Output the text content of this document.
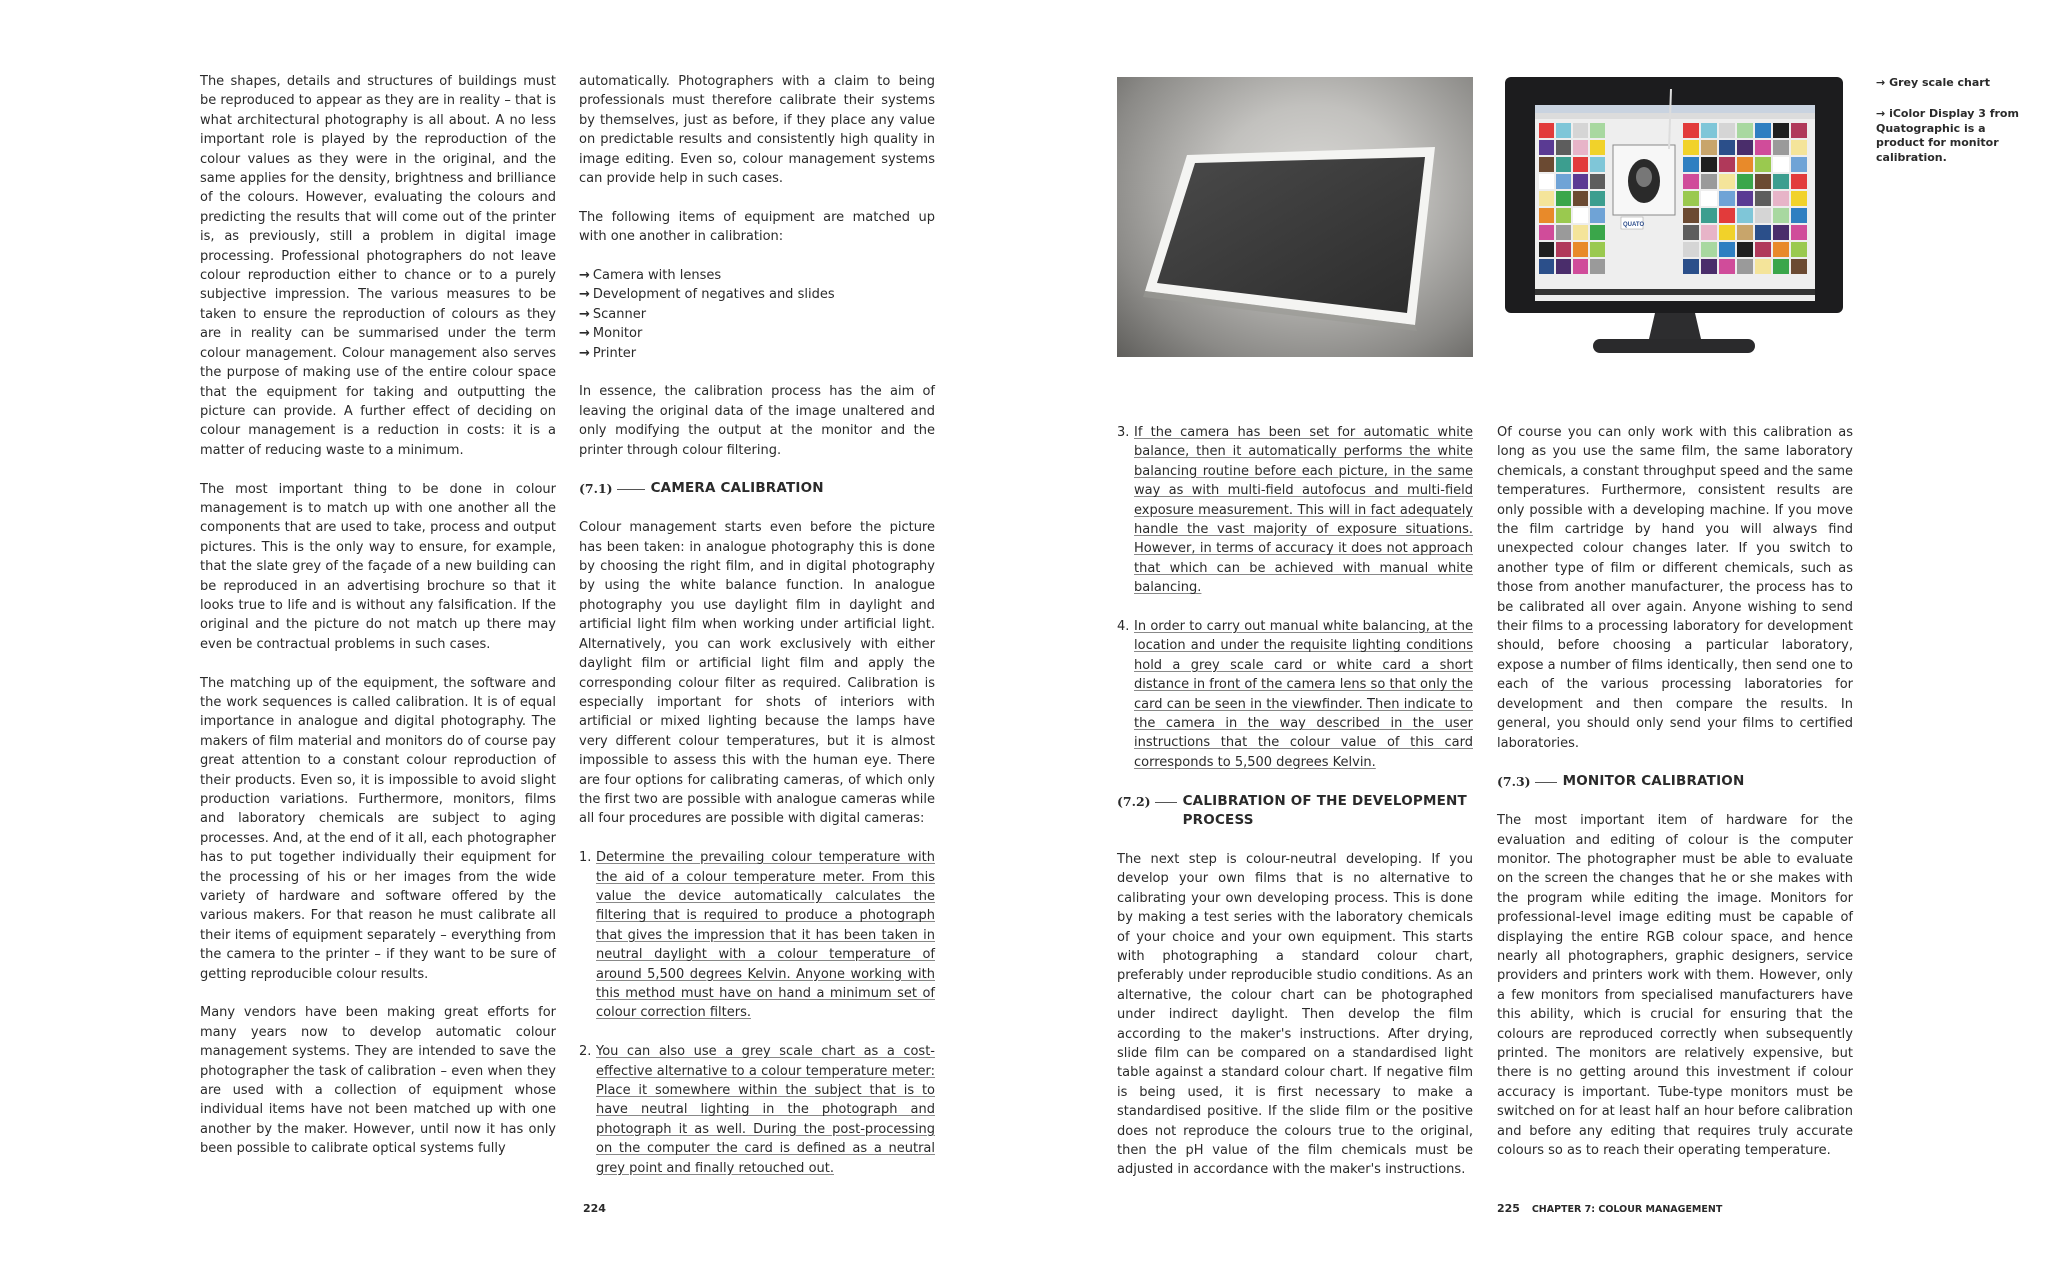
The shapes, details and structures of buildings must be reproduced to appear as they are in reality – that is what architectural photography is all about. A no less important role is played by the reproduction of the colour values as they were in the original, and the same applies for the density, brightness and brilliance of the colours. However, evaluating the colours and predicting the results that will come out of the printer is, as previously, still a problem in digital image processing. Professional photographers do not leave colour reproduction either to chance or to a purely subjective impression. The various measures to be taken to ensure the reproduction of colours as they are in reality can be summarised under the term colour management. Colour management also serves the purpose of making use of the entire colour space that the equipment for taking and outputting the picture can provide. A further effect of deciding on colour management is a reduction in costs: it is a matter of reducing waste to a minimum.

The most important thing to be done in colour management is to match up with one another all the components that are used to take, process and output pictures. This is the only way to ensure, for example, that the slate grey of the façade of a new building can be reproduced in an advertising brochure so that it looks true to life and is without any falsification. If the original and the picture do not match up there may even be contractual problems in such cases.

The matching up of the equipment, the software and the work sequences is called calibration. It is of equal importance in analogue and digital photography. The makers of film material and monitors do of course pay great attention to a constant colour reproduction of their products. Even so, it is impossible to avoid slight production variations. Furthermore, monitors, films and laboratory chemicals are subject to aging processes. And, at the end of it all, each photographer has to put together individually their equipment for the processing of his or her images from the wide variety of hardware and software offered by the various makers. For that reason he must calibrate all their items of equipment separately – everything from the camera to the printer – if they want to be sure of getting reproducible colour results.

Many vendors have been making great efforts for many years now to develop automatic colour management systems. They are intended to save the photographer the task of calibration – even when they are used with a collection of equipment whose individual items have not been matched up with one another by the maker. However, until now it has only been possible to calibrate optical systems fully

automatically. Photographers with a claim to being professionals must therefore calibrate their systems by themselves, just as before, if they place any value on predictable results and consistently high quality in image editing. Even so, colour management systems can provide help in such cases.

The following items of equipment are matched up with one another in calibration:

→ Camera with lenses
→ Development of negatives and slides
→ Scanner
→ Monitor
→ Printer

In essence, the calibration process has the aim of leaving the original data of the image unaltered and only modifying the output at the monitor and the printer through colour filtering.

(7.1)	CAMERA CALIBRATION

Colour management starts even before the picture has been taken: in analogue photography this is done by choosing the right film, and in digital photography by using the white balance function. In analogue photography you use daylight film in daylight and artificial light film when working under artificial light. Alternatively, you can work exclusively with either daylight film or artificial light film and apply the corresponding colour filter as required. Calibration is especially important for shots of interiors with artificial or mixed lighting because the lamps have very different colour temperatures, but it is almost impossible to assess this with the human eye. There are four options for calibrating cameras, of which only the first two are possible with analogue cameras while all four procedures are possible with digital cameras:

1. Determine the prevailing colour temperature with the aid of a colour temperature meter. From this value the device automatically calculates the filtering that is required to produce a photograph that gives the impression that it has been taken in neutral daylight with a colour temperature of around 5,500 degrees Kelvin. Anyone working with this method must have on hand a minimum set of colour correction filters.
2. You can also use a grey scale chart as a cost-effective alternative to a colour temperature meter: Place it somewhere within the subject that is to have neutral lighting in the photograph and photograph it as well. During the post-processing on the computer the card is defined as a neutral grey point and finally retouched out.
224
QUATO
→ Grey scale chart
→ iColor Display 3 from Quatographic is a product for monitor calibration.
3. If the camera has been set for automatic white balance, then it automatically performs the white balancing routine before each picture, in the same way as with multi-field autofocus and multi-field exposure measurement. This will in fact adequately handle the vast majority of exposure situations. However, in terms of accuracy it does not approach that which can be achieved with manual white balancing.
4. In order to carry out manual white balancing, at the location and under the requisite lighting conditions hold a grey scale card or white card a short distance in front of the camera lens so that only the card can be seen in the viewfinder. Then indicate to the camera in the way described in the user instructions that the colour value of this card corresponds to 5,500 degrees Kelvin.
(7.2) CALIBRATION OF THE DEVELOPMENT PROCESS

The next step is colour-neutral developing. If you develop your own films that is no alternative to calibrating your own developing process. This is done by making a test series with the laboratory chemicals of your choice and your own equipment. This starts with photographing a standard colour chart, preferably under reproducible studio conditions. As an alternative, the colour chart can be photographed under indirect daylight. Then develop the film according to the maker's instructions. After drying, slide film can be compared on a standardised light table against a standard colour chart. If negative film is being used, it is first necessary to make a standardised positive. If the slide film or the positive does not reproduce the colours true to the original, then the pH value of the film chemicals must be adjusted in accordance with the maker's instructions.

Of course you can only work with this calibration as long as you use the same film, the same laboratory chemicals, a constant throughput speed and the same temperatures. Furthermore, consistent results are only possible with a developing machine. If you move the film cartridge by hand you will always find unexpected colour changes later. If you switch to another type of film or different chemicals, such as those from another manufacturer, the process has to be calibrated all over again. Anyone wishing to send their films to a processing laboratory for development should, before choosing a particular laboratory, expose a number of films identically, then send one to each of the various processing laboratories for development and then compare the results. In general, you should only send your films to certified laboratories.

(7.3) MONITOR CALIBRATION

The most important item of hardware for the evaluation and editing of colour is the computer monitor. The photographer must be able to evaluate on the screen the changes that he or she makes with the program while editing the image. Monitors for professional-level image editing must be capable of displaying the entire RGB colour space, and hence nearly all photographers, graphic designers, service providers and printers work with them. However, only a few monitors from specialised manufacturers have this ability, which is crucial for ensuring that the colours are reproduced correctly when subsequently printed. The monitors are relatively expensive, but there is no getting around this investment if colour accuracy is important. Tube-type monitors must be switched on for at least half an hour before calibration and before any editing that requires truly accurate colours so as to reach their operating temperature.

225 CHAPTER 7: COLOUR MANAGEMENT
